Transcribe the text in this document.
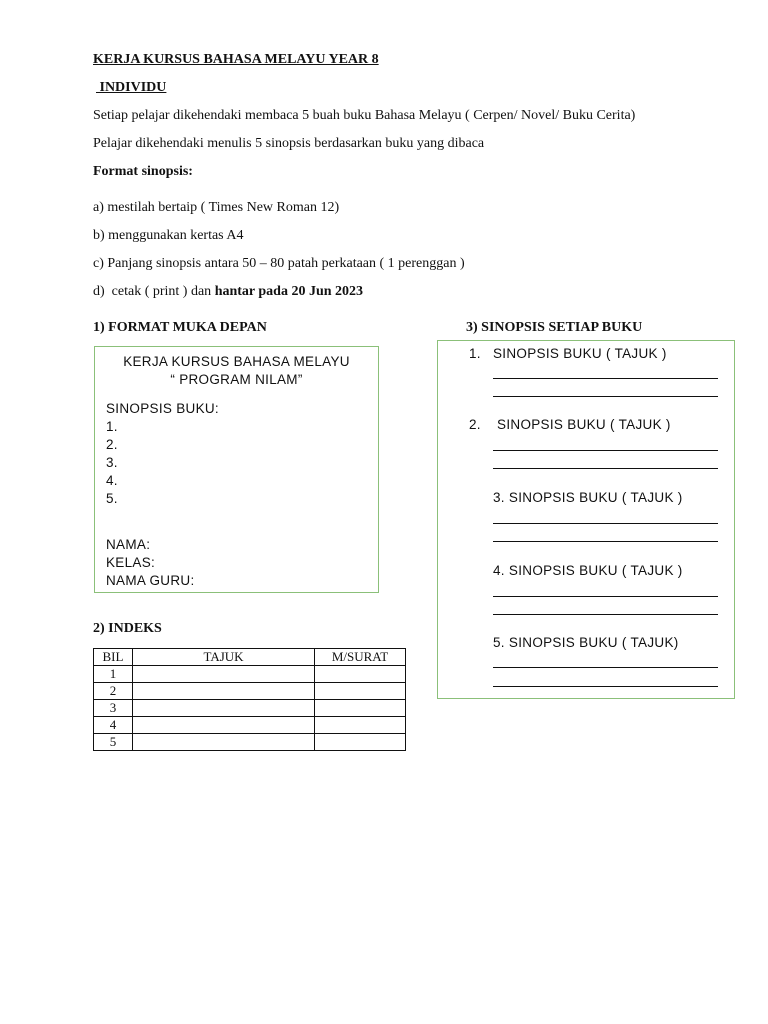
KERJA KURSUS BAHASA MELAYU YEAR 8
INDIVIDU
Setiap pelajar dikehendaki membaca 5 buah buku Bahasa Melayu ( Cerpen/ Novel/ Buku Cerita)
Pelajar dikehendaki menulis 5 sinopsis berdasarkan buku yang dibaca
Format sinopsis:
a) mestilah bertaip ( Times New Roman 12)
b) menggunakan kertas A4
c) Panjang sinopsis antara 50 – 80 patah perkataan ( 1 perenggan )
d)  cetak ( print ) dan hantar pada 20 Jun 2023
1) FORMAT MUKA DEPAN	3) SINOPSIS SETIAP BUKU
KERJA KURSUS BAHASA MELAYU
“ PROGRAM NILAM”
SINOPSIS BUKU:
1.
2.
3.
4.
5.
NAMA:
KELAS:
NAMA GURU:
2) INDEKS
BIL	TAJUK	M/SURAT
1		
2		
3		
4		
5		
1. SINOPSIS BUKU ( TAJUK )
2. SINOPSIS BUKU ( TAJUK )
3. SINOPSIS BUKU ( TAJUK )
4. SINOPSIS BUKU ( TAJUK )
5. SINOPSIS BUKU ( TAJUK)
